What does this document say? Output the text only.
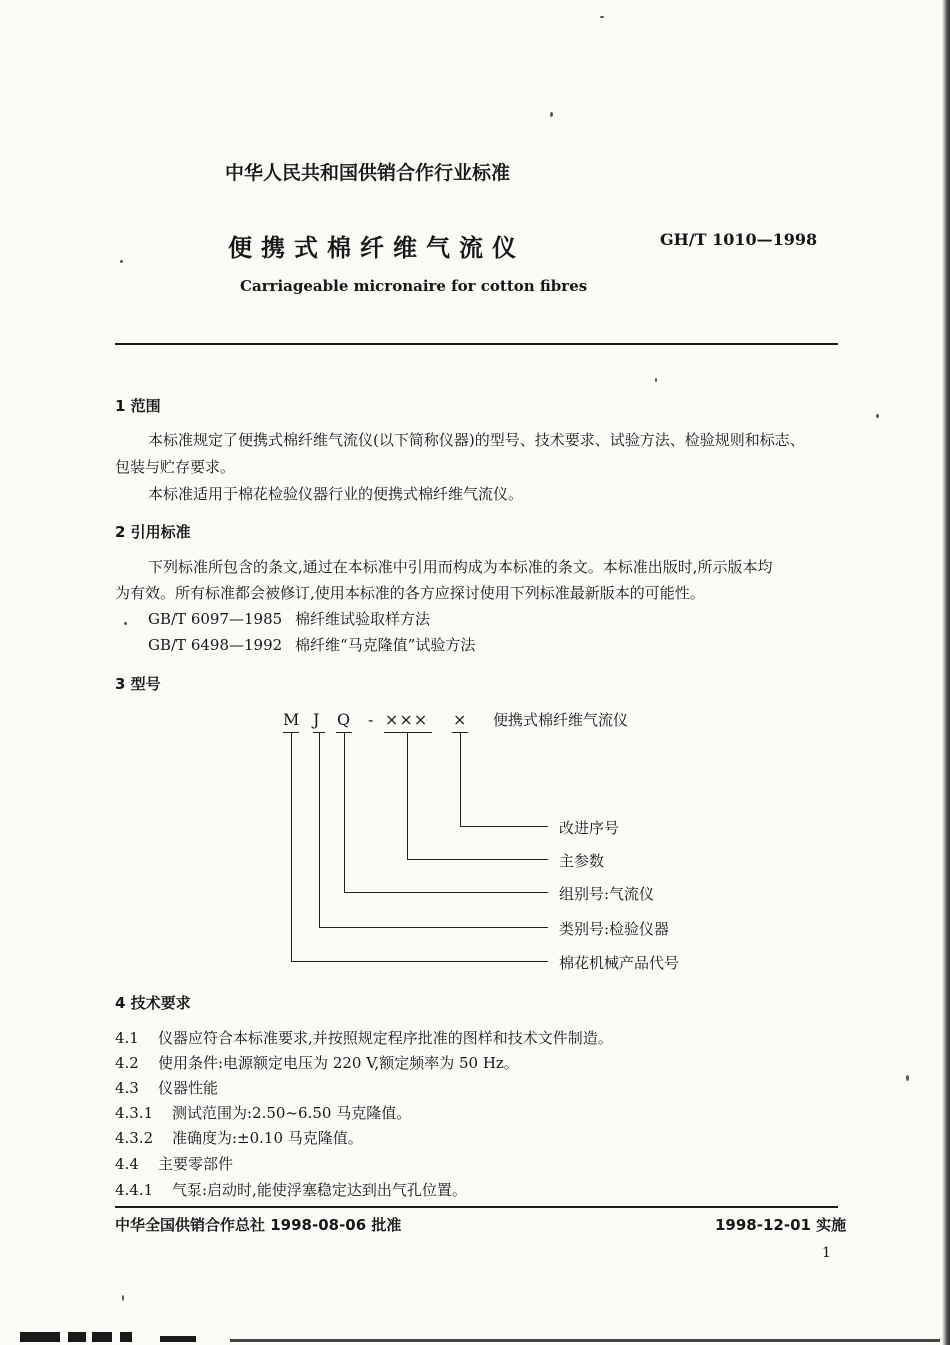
中华人民共和国供销合作行业标准
便携式棉纤维气流仪	GH/T 1010—1998
Carriageable micronaire for cotton fibres
1 范围
本标准规定了便携式棉纤维气流仪(以下简称仪器)的型号、技术要求、试验方法、检验规则和标志、
包装与贮存要求。
本标准适用于棉花检验仪器行业的便携式棉纤维气流仪。
2 引用标准
下列标准所包含的条文,通过在本标准中引用而构成为本标准的条文。本标准出版时,所示版本均
为有效。所有标准都会被修订,使用本标准的各方应探讨使用下列标准最新版本的可能性。
GB/T 6097—1985 棉纤维试验取样方法
GB/T 6498—1992 棉纤维“马克隆值”试验方法
3 型号
M J Q - ××× × 便携式棉纤维气流仪
改进序号
主参数
组别号:气流仪
类别号:检验仪器
棉花机械产品代号
4 技术要求
4.1 仪器应符合本标准要求,并按照规定程序批准的图样和技术文件制造。
4.2 使用条件:电源额定电压为 220 V,额定频率为 50 Hz。
4.3 仪器性能
4.3.1 测试范围为:2.50~6.50 马克隆值。
4.3.2 准确度为:±0.10 马克隆值。
4.4 主要零部件
4.4.1 气泵:启动时,能使浮塞稳定达到出气孔位置。
中华全国供销合作总社 1998-08-06 批准	1998-12-01 实施
1
